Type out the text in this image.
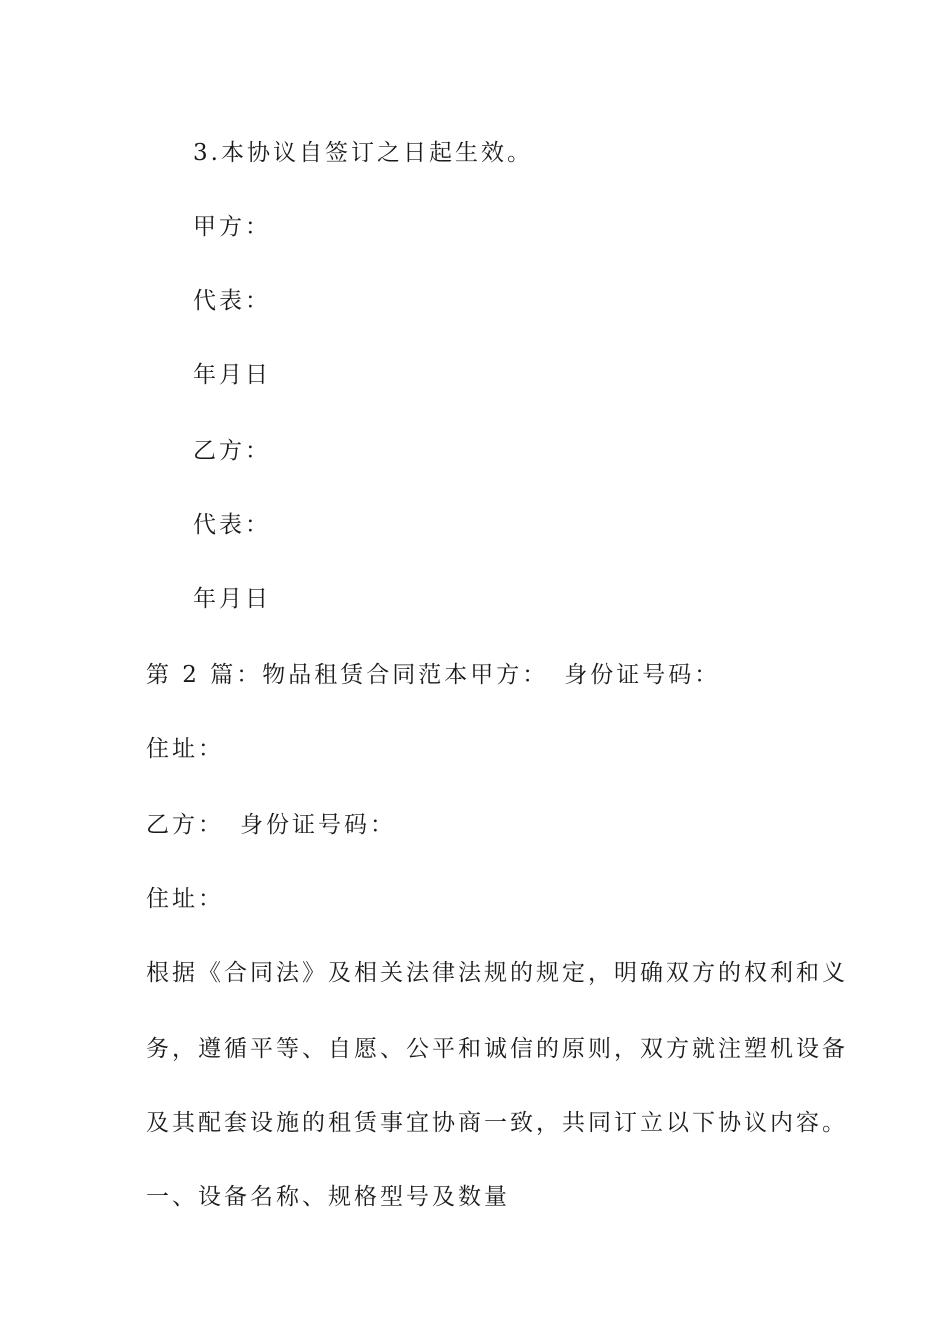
3.本协议自签订之日起生效。
甲方：
代表：
年月日
乙方：
代表：
年月日
第 2 篇：物品租赁合同范本甲方： 身份证号码：
住址：
乙方： 身份证号码：
住址：
根据《合同法》及相关法律法规的规定，明确双方的权利和义
务，遵循平等、自愿、公平和诚信的原则，双方就注塑机设备
及其配套设施的租赁事宜协商一致，共同订立以下协议内容。
一、设备名称、规格型号及数量
